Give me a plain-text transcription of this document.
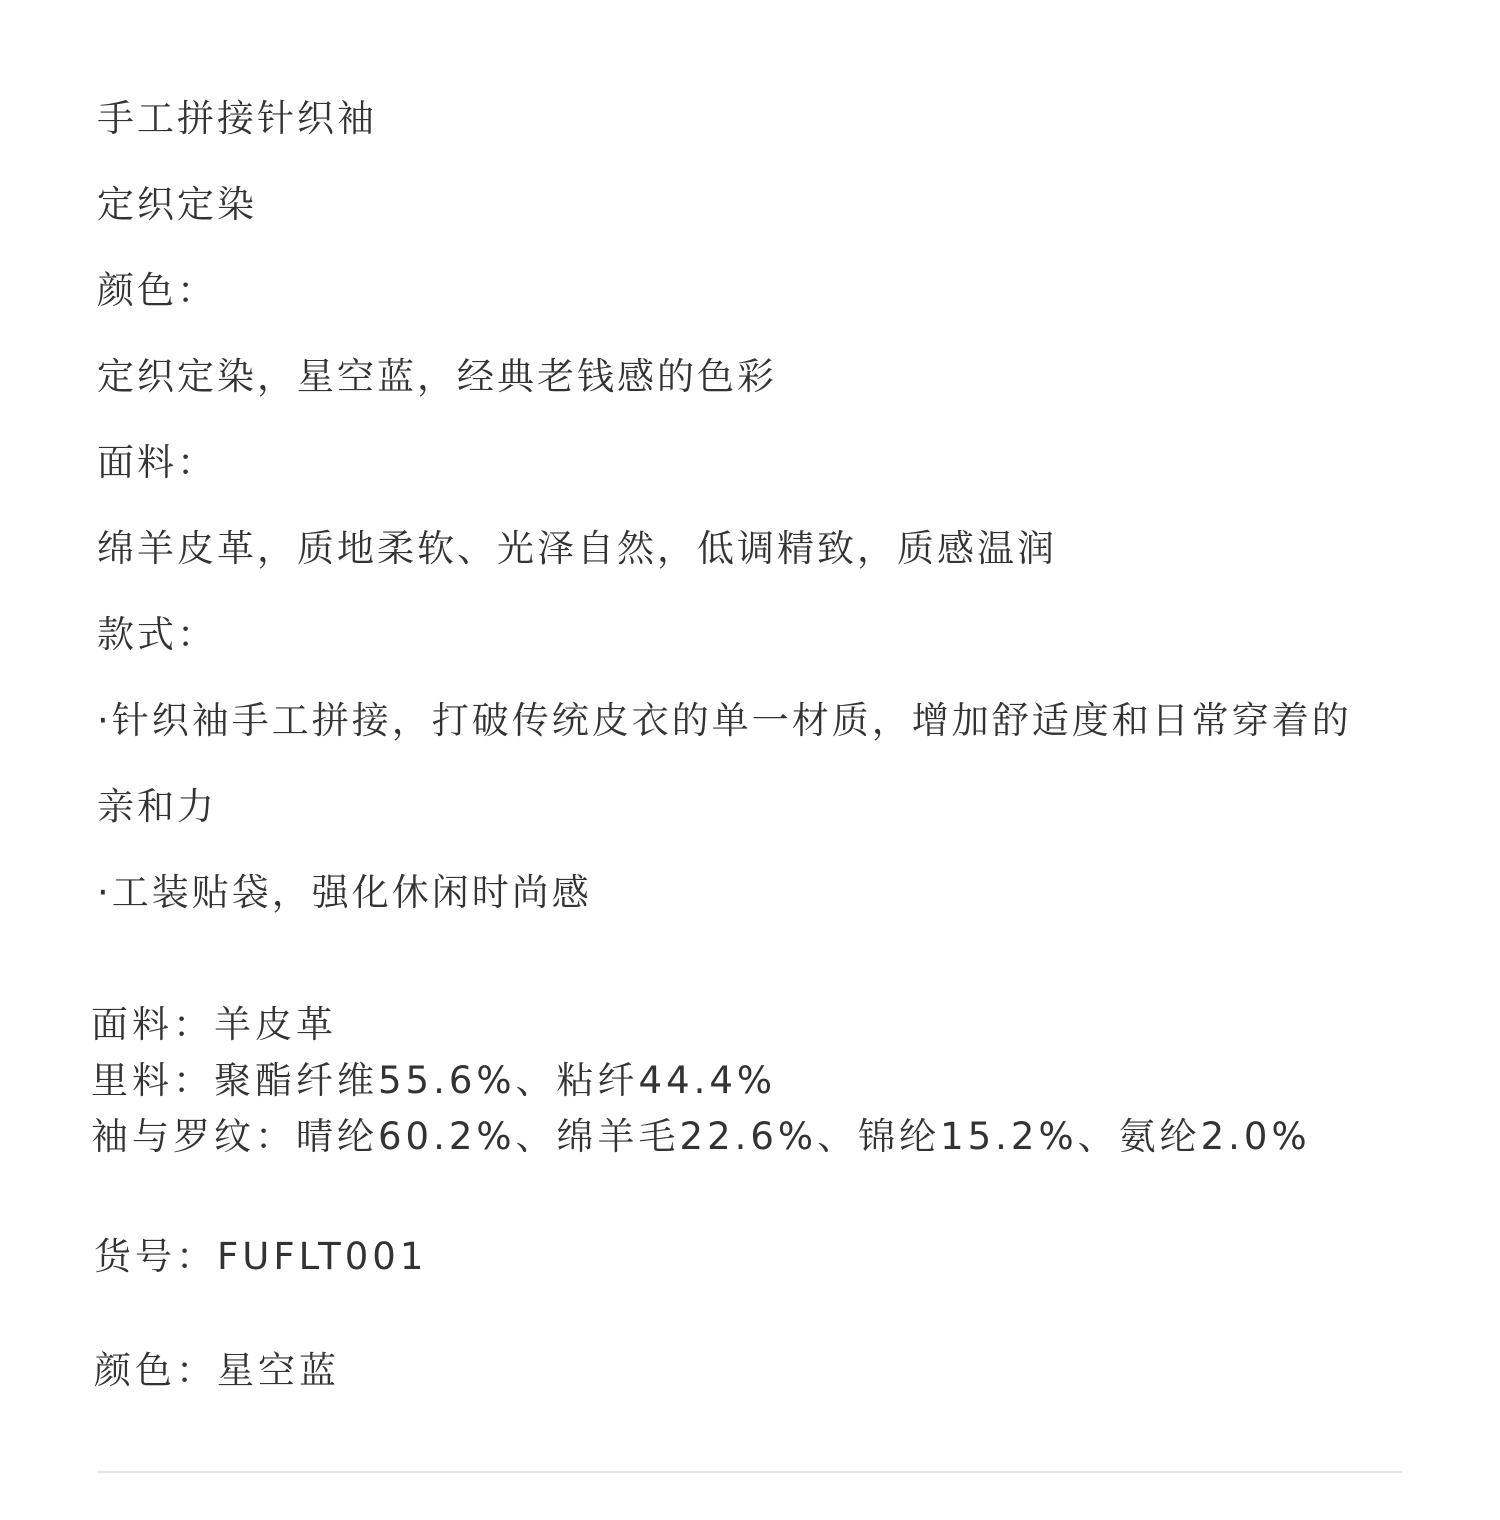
手工拼接针织袖
定织定染
颜色：
定织定染，星空蓝，经典老钱感的色彩
面料：
绵羊皮革，质地柔软、光泽自然，低调精致，质感温润
款式：
·针织袖手工拼接，打破传统皮衣的单一材质，增加舒适度和日常穿着的
亲和力
·工装贴袋，强化休闲时尚感
面料：羊皮革
里料：聚酯纤维55.6%、粘纤44.4%
袖与罗纹：晴纶60.2%、绵羊毛22.6%、锦纶15.2%、氨纶2.0%
货号：FUFLT001
颜色：星空蓝
